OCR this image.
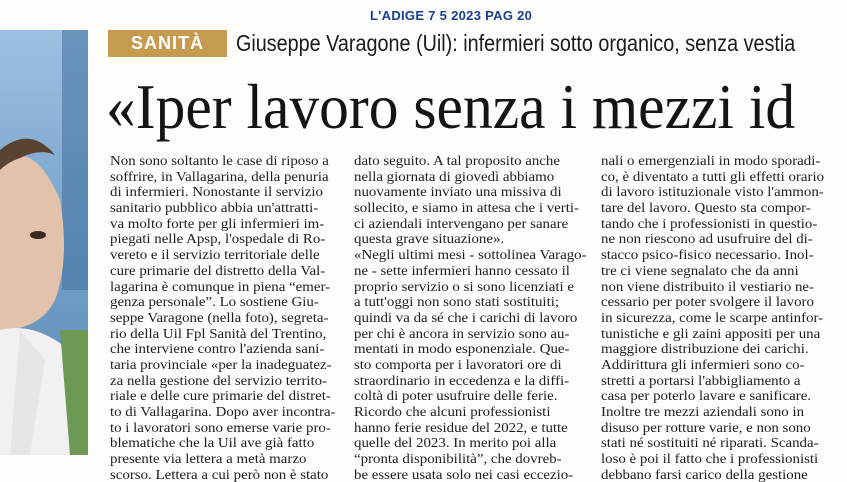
L'ADIGE 7 5 2023 PAG 20
SANITÀ	Giuseppe Varagone (Uil): infermieri sotto organico, senza vestia
«Iper lavoro senza i mezzi id
Non sono soltanto le case di riposo a
soffrire, in Vallagarina, della penuria
di infermieri. Nonostante il servizio
sanitario pubblico abbia un'attratti-
va molto forte per gli infermieri im-
piegati nelle Apsp, l'ospedale di Ro-
vereto e il servizio territoriale delle
cure primarie del distretto della Val-
lagarina è comunque in piena “emer-
genza personale”. Lo sostiene Giu-
seppe Varagone (nella foto), segreta-
rio della Uil Fpl Sanità del Trentino,
che interviene contro l'azienda sani-
taria provinciale «per la inadeguatez-
za nella gestione del servizio territo-
riale e delle cure primarie del distret-
to di Vallagarina. Dopo aver incontra-
to i lavoratori sono emerse varie pro-
blematiche che la Uil ave già fatto
presente via lettera a metà marzo
scorso. Lettera a cui però non è stato
dato seguito. A tal proposito anche
nella giornata di giovedì abbiamo
nuovamente inviato una missiva di
sollecito, e siamo in attesa che i verti-
ci aziendali intervengano per sanare
questa grave situazione».
«Negli ultimi mesi - sottolinea Varago-
ne - sette infermieri hanno cessato il
proprio servizio o si sono licenziati e
a tutt'oggi non sono stati sostituiti;
quindi va da sé che i carichi di lavoro
per chi è ancora in servizio sono au-
mentati in modo esponenziale. Que-
sto comporta per i lavoratori ore di
straordinario in eccedenza e la diffi-
coltà di poter usufruire delle ferie.
Ricordo che alcuni professionisti
hanno ferie residue del 2022, e tutte
quelle del 2023. In merito poi alla
“pronta disponibilità”, che dovreb-
be essere usata solo nei casi eccezio-
nali o emergenziali in modo sporadi-
co, è diventato a tutti gli effetti orario
di lavoro istituzionale visto l'ammon-
tare del lavoro. Questo sta compor-
tando che i professionisti in questio-
ne non riescono ad usufruire del di-
stacco psico-fisico necessario. Inol-
tre ci viene segnalato che da anni
non viene distribuito il vestiario ne-
cessario per poter svolgere il lavoro
in sicurezza, come le scarpe antinfor-
tunistiche e gli zaini appositi per una
maggiore distribuzione dei carichi.
Addirittura gli infermieri sono co-
stretti a portarsi l'abbigliamento a
casa per poterlo lavare e sanificare.
Inoltre tre mezzi aziendali sono in
disuso per rotture varie, e non sono
stati né sostituiti né riparati. Scanda-
loso è poi il fatto che i professionisti
debbano farsi carico della gestione
